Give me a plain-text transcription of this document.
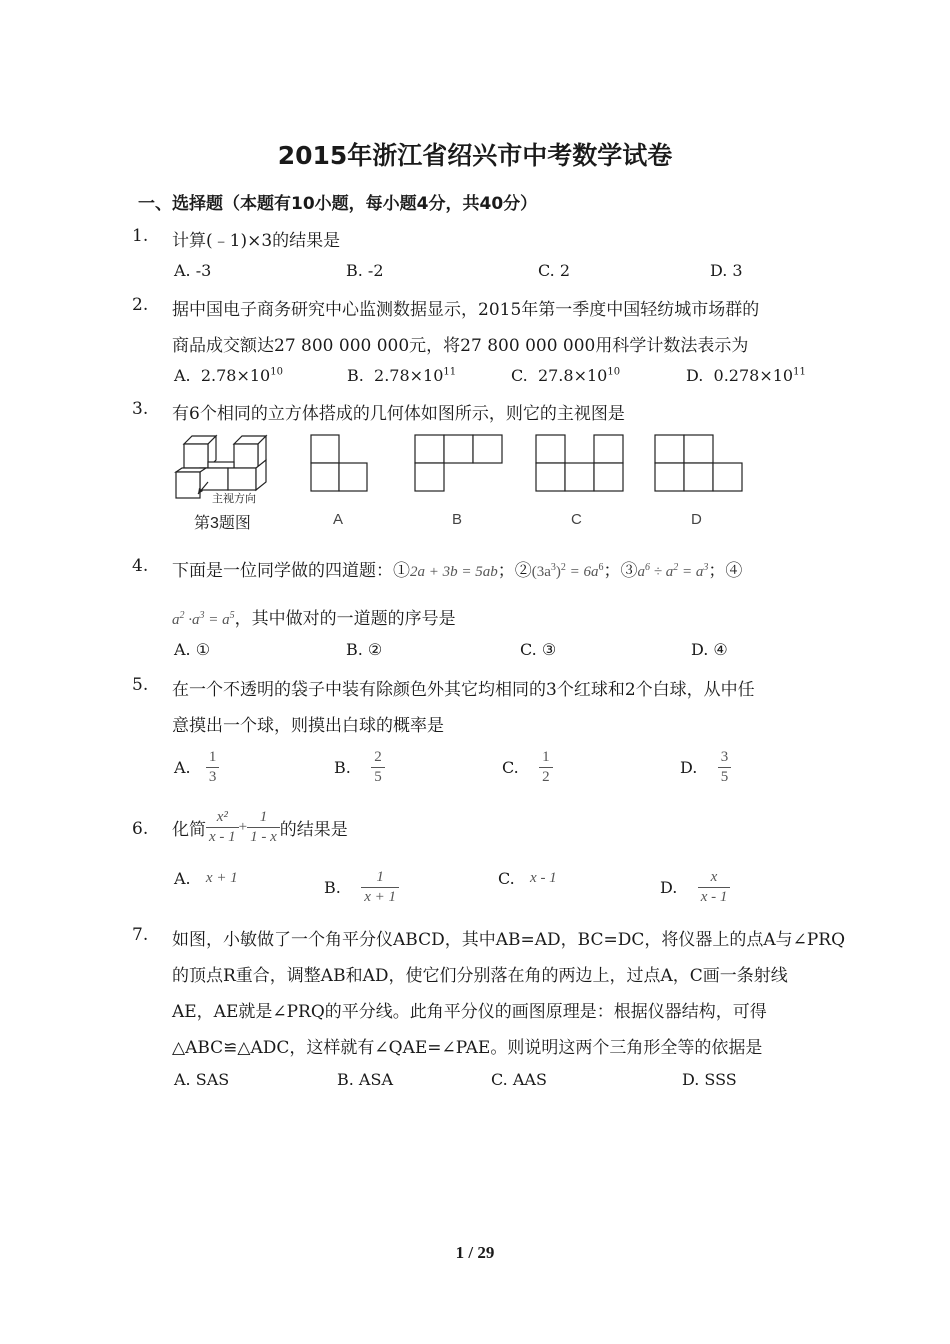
2015年浙江省绍兴市中考数学试卷
一、选择题（本题有10小题，每小题4分，共40分）
1. 计算(﹣1)×3的结果是
A. -3	B. -2	C. 2	D. 3
2. 据中国电子商务研究中心监测数据显示，2015年第一季度中国轻纺城市场群的
商品成交额达27 800 000 000元，将27 800 000 000用科学计数法表示为
A. $2.78\times 10^{10}$	B. $2.78\times 10^{11}$	C. $27.8\times 10^{10}$	D. $0.278\times 10^{11}$
3. 有6个相同的立方体搭成的几何体如图所示，则它的主视图是
主视方向
第3题图	A	B	C	D
4. 下面是一位同学做的四道题：①2a + 3b = 5ab；$②(3a^3)^2 = 6a^6$；$③a^6 \div a^2 = a^3$；④
$a^2 \cdot a^3 = a^5$，其中做对的一道题的序号是
A. ①	B. ②	C. ③	D. ④
5. 在一个不透明的袋子中装有除颜色外其它均相同的3个红球和2个白球，从中任
意摸出一个球，则摸出白球的概率是
A. $\frac{1}{3}$	B. $\frac{2}{5}$	C. $\frac{1}{2}$	D. $\frac{3}{5}$
6. 化简 $\frac{\text{x²}}{x - 1} + \frac{1}{1 - x}$ 的结果是
A. x + 1	B. $\frac{1}{x + 1}$	C. x - 1	D. $\frac{x}{x - 1}$
7. 如图，小敏做了一个角平分仪ABCD，其中AB=AD，BC=DC，将仪器上的点A与∠PRQ
的顶点R重合，调整AB和AD，使它们分别落在角的两边上，过点A，C画一条射线
AE，AE就是∠PRQ的平分线。此角平分仪的画图原理是：根据仪器结构，可得
△ABC≌△ADC，这样就有∠QAE=∠PAE。则说明这两个三角形全等的依据是
A. SAS	B. ASA	C. AAS	D. SSS
1 / 29
